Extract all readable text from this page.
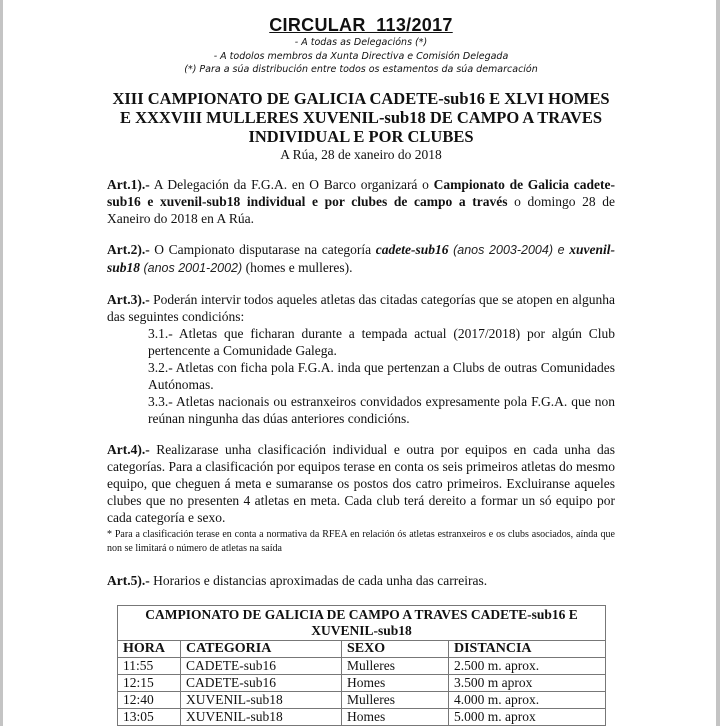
CIRCULAR  113/2017
- A todas as Delegacións (*)
- A todolos membros da Xunta Directiva e Comisión Delegada
(*) Para a súa distribución entre todos os estamentos da súa demarcación
XIII CAMPIONATO DE GALICIA CADETE-sub16 E XLVI HOMES E XXXVIII MULLERES XUVENIL-sub18 DE CAMPO A TRAVES INDIVIDUAL E POR CLUBES
A Rúa, 28 de xaneiro do 2018

Art.1).- A Delegación da F.G.A. en O Barco organizará o Campionato de Galicia cadete-sub16 e xuvenil-sub18 individual e por clubes de campo a través o domingo 28 de Xaneiro do 2018 en A Rúa.

Art.2).- O Campionato disputarase na categoría cadete-sub16 (anos 2003-2004) e xuvenil-sub18 (anos 2001-2002) (homes e mulleres).

Art.3).- Poderán intervir todos aqueles atletas das citadas categorías que se atopen en algunha das seguintes condicións:
3.1.- Atletas que ficharan durante a tempada actual (2017/2018) por algún Club pertencente a Comunidade Galega.
3.2.- Atletas con ficha pola F.G.A. inda que pertenzan a Clubs de outras Comunidades Autónomas.
3.3.- Atletas nacionais ou estranxeiros convidados expresamente pola F.G.A. que non reúnan ningunha das dúas anteriores condicións.
Art.4).- Realizarase unha clasificación individual e outra por equipos en cada unha das categorías. Para a clasificación por equipos terase en conta os seis primeiros atletas do mesmo equipo, que cheguen á meta e sumaranse os postos dos catro primeiros. Excluiranse aqueles clubes que no presenten 4 atletas en meta. Cada club terá dereito a formar un só equipo por cada categoría e sexo.
* Para a clasificación terase en conta a normativa da RFEA en relación ós atletas estranxeiros e os clubs asociados, aínda que non se limitará o número de atletas na saída

Art.5).- Horarios e distancias aproximadas de cada unha das carreiras.

CAMPIONATO DE GALICIA DE CAMPO A TRAVES CADETE-sub16 E XUVENIL-sub18			
HORA	CATEGORIA	SEXO	DISTANCIA
11:55	CADETE-sub16	Mulleres	2.500 m. aprox.
12:15	CADETE-sub16	Homes	3.500 m aprox
12:40	XUVENIL-sub18	Mulleres	4.000 m. aprox.
13:05	XUVENIL-sub18	Homes	5.000 m. aprox
